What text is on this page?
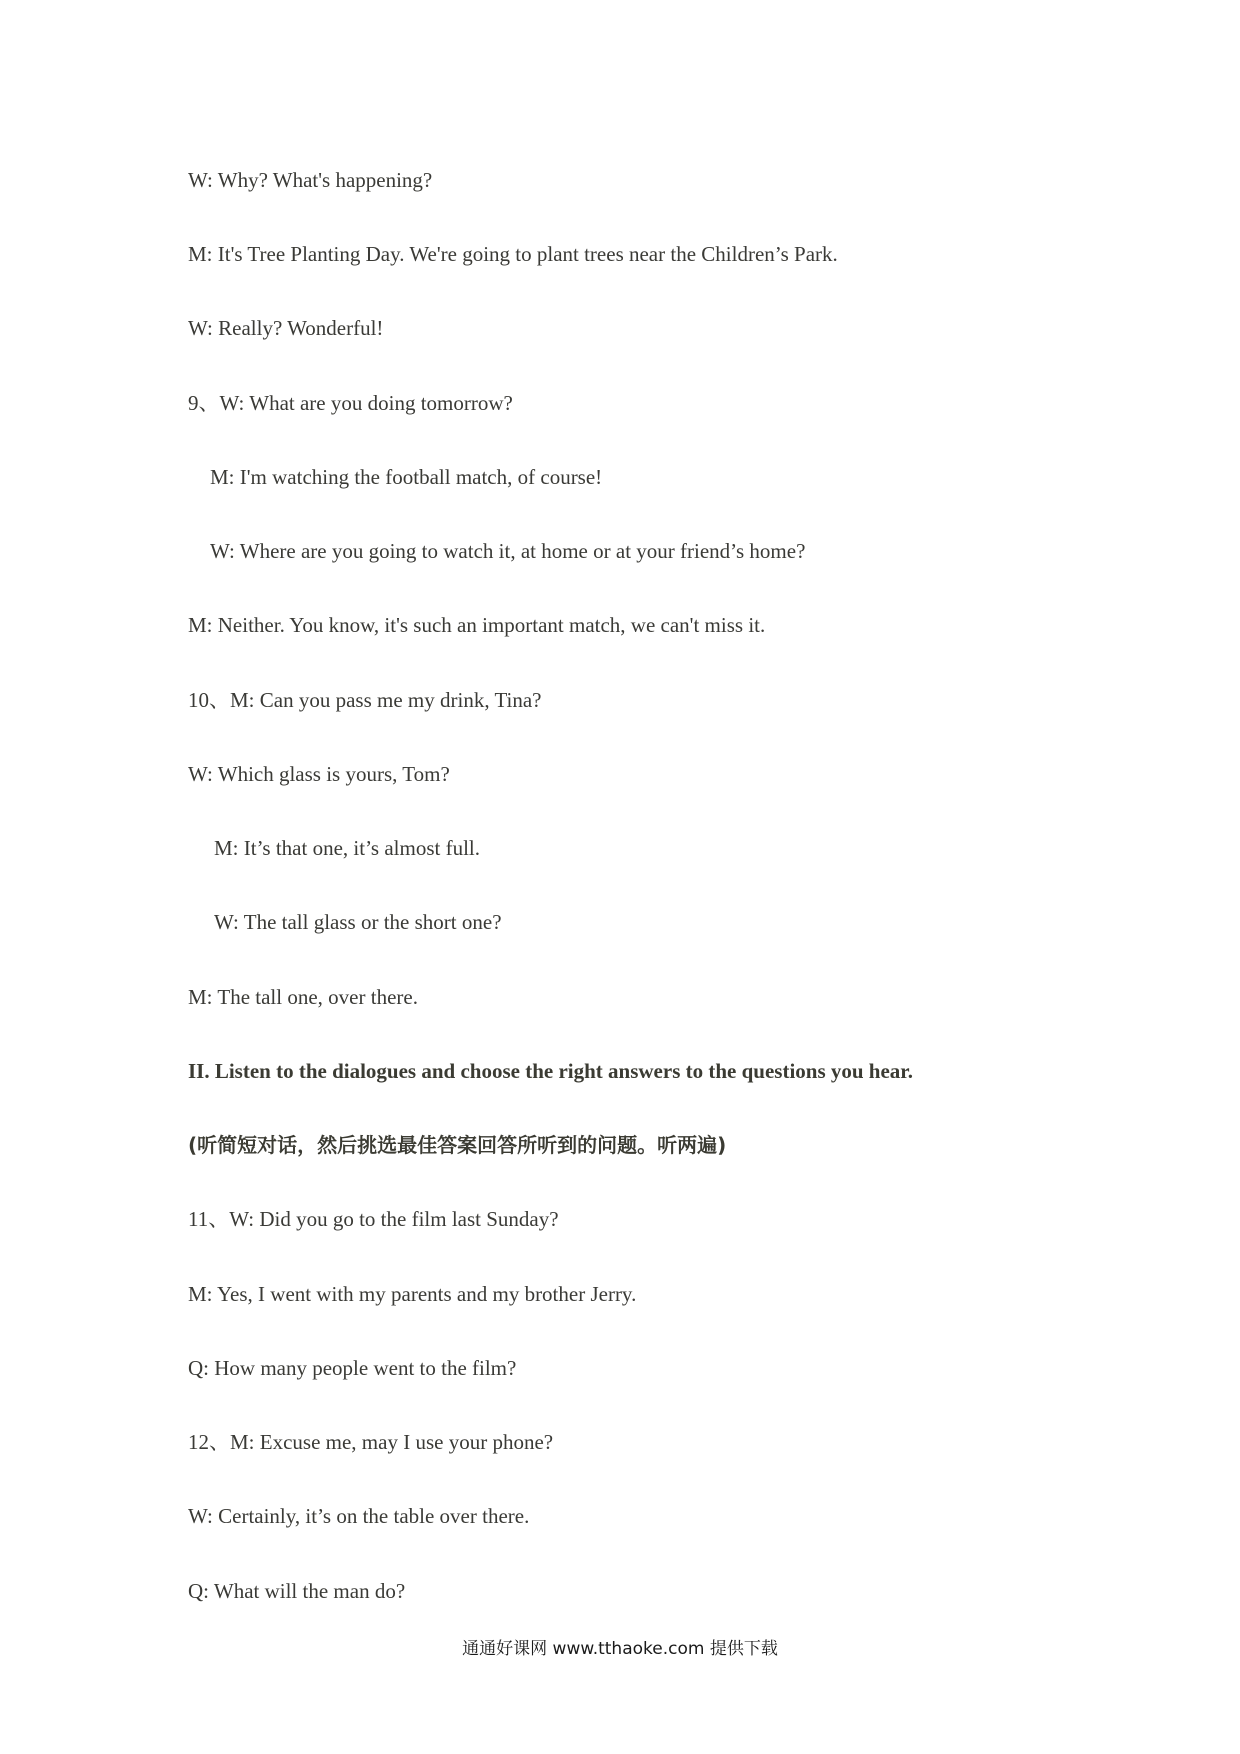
W: Why? What's happening?
M: It's Tree Planting Day. We're going to plant trees near the Children’s Park.
W: Really? Wonderful!
9、W: What are you doing tomorrow?
M: I'm watching the football match, of course!
W: Where are you going to watch it, at home or at your friend’s home?
M: Neither. You know, it's such an important match, we can't miss it.
10、M: Can you pass me my drink, Tina?
W: Which glass is yours, Tom?
M: It’s that one, it’s almost full.
W: The tall glass or the short one?
M: The tall one, over there.
II. Listen to the dialogues and choose the right answers to the questions you hear.
(听简短对话，然后挑选最佳答案回答所听到的问题。听两遍)
11、W: Did you go to the film last Sunday?
M: Yes, I went with my parents and my brother Jerry.
Q: How many people went to the film?
12、M: Excuse me, may I use your phone?
W: Certainly, it’s on the table over there.
Q: What will the man do?
通通好课网 www.tthaoke.com 提供下载
